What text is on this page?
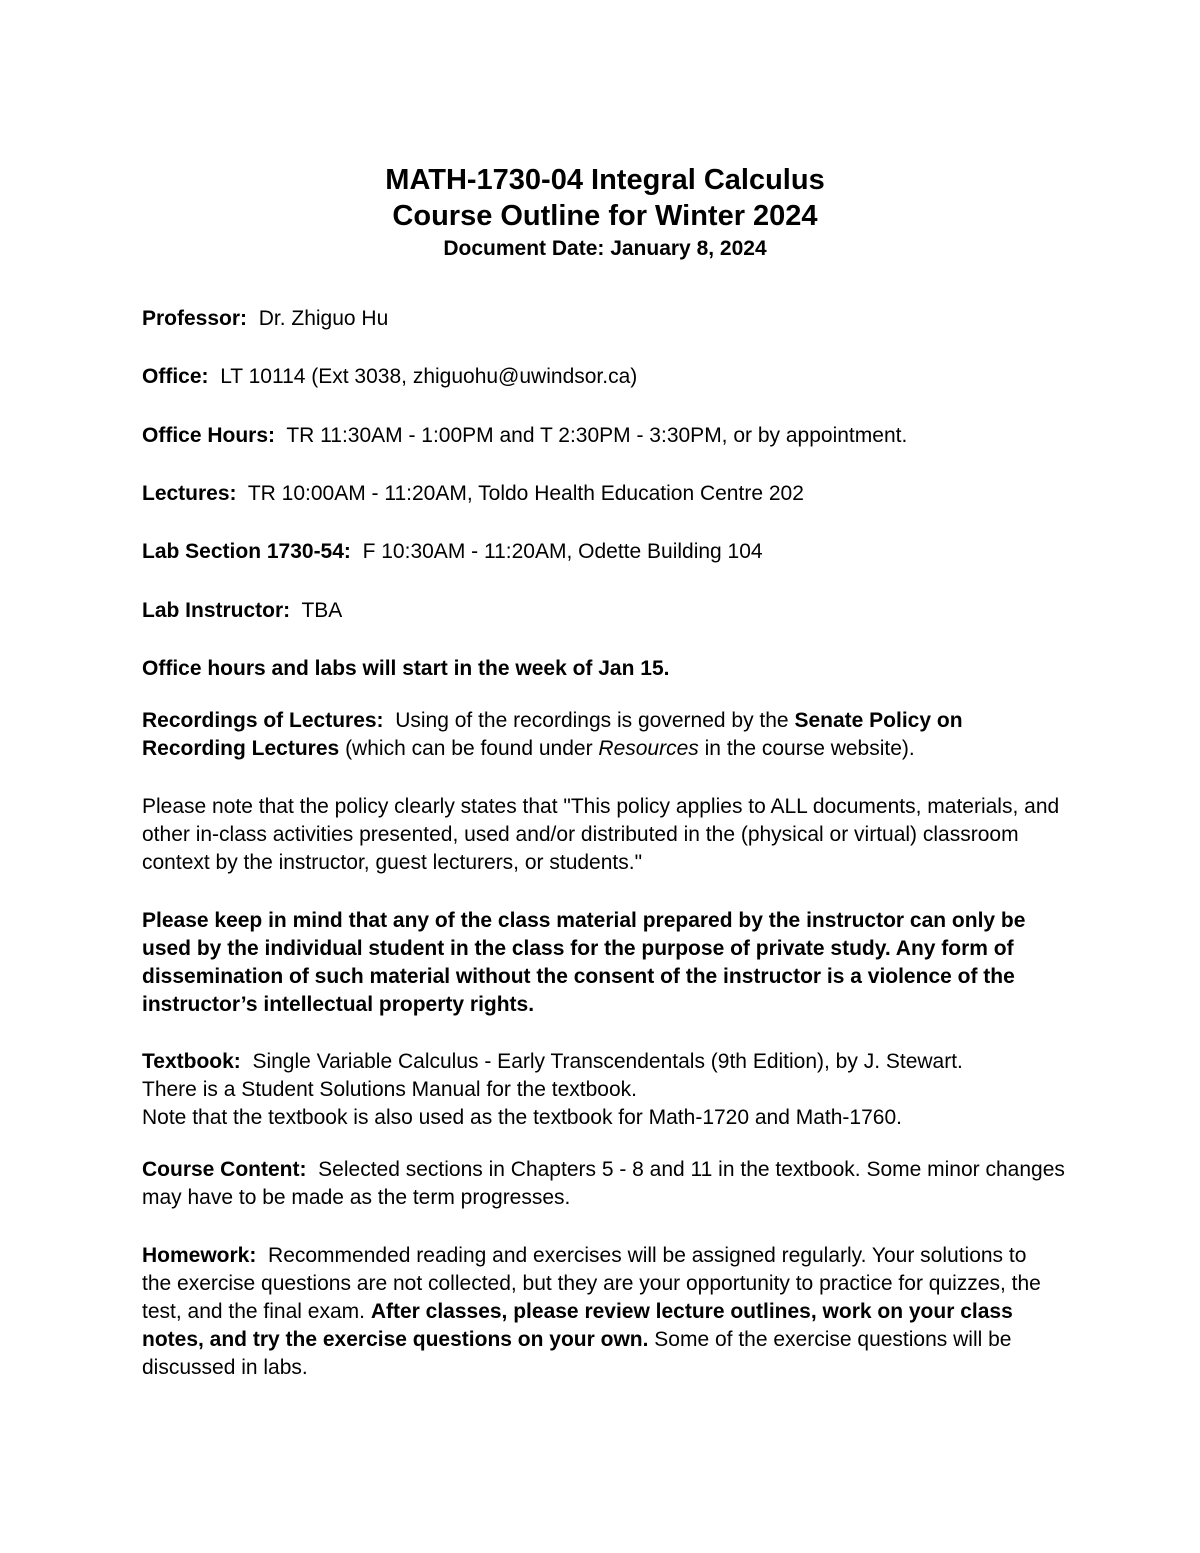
MATH-1730-04 Integral Calculus
Course Outline for Winter 2024
Document Date: January 8, 2024
Professor: Dr. Zhiguo Hu
Office: LT 10114 (Ext 3038, zhiguohu@uwindsor.ca)
Office Hours: TR 11:30AM - 1:00PM and T 2:30PM - 3:30PM, or by appointment.
Lectures: TR 10:00AM - 11:20AM, Toldo Health Education Centre 202
Lab Section 1730-54: F 10:30AM - 11:20AM, Odette Building 104
Lab Instructor: TBA
Office hours and labs will start in the week of Jan 15.
Recordings of Lectures: Using of the recordings is governed by the Senate Policy on Recording Lectures (which can be found under Resources in the course website).
Please note that the policy clearly states that "This policy applies to ALL documents, materials, and other in-class activities presented, used and/or distributed in the (physical or virtual) classroom context by the instructor, guest lecturers, or students."
Please keep in mind that any of the class material prepared by the instructor can only be used by the individual student in the class for the purpose of private study. Any form of dissemination of such material without the consent of the instructor is a violence of the instructor’s intellectual property rights.
Textbook: Single Variable Calculus - Early Transcendentals (9th Edition), by J. Stewart.
There is a Student Solutions Manual for the textbook.
Note that the textbook is also used as the textbook for Math-1720 and Math-1760.
Course Content: Selected sections in Chapters 5 - 8 and 11 in the textbook. Some minor changes may have to be made as the term progresses.
Homework: Recommended reading and exercises will be assigned regularly. Your solutions to the exercise questions are not collected, but they are your opportunity to practice for quizzes, the test, and the final exam. After classes, please review lecture outlines, work on your class notes, and try the exercise questions on your own. Some of the exercise questions will be discussed in labs.
